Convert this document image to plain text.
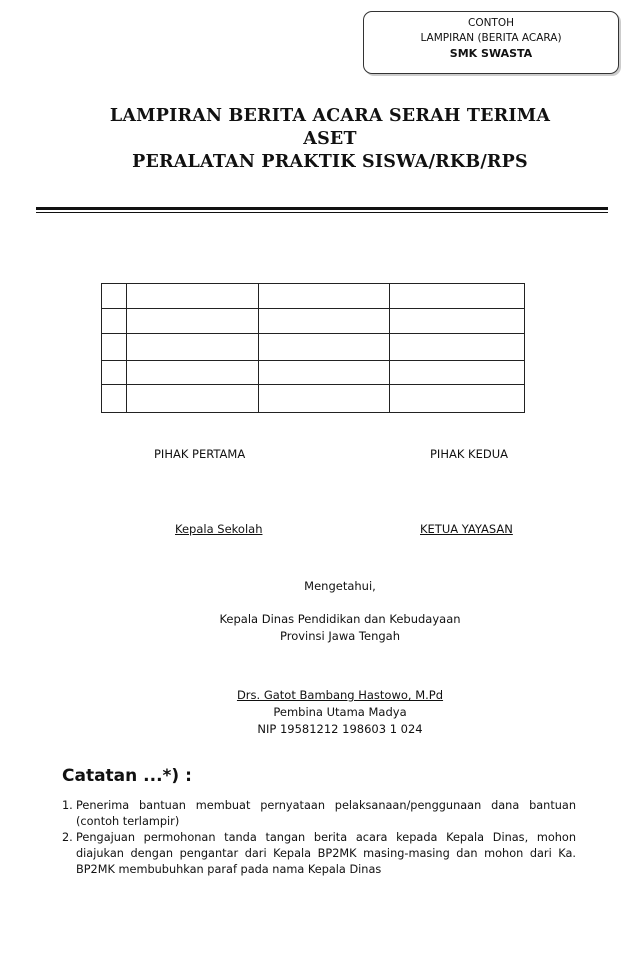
CONTOH
LAMPIRAN (BERITA ACARA)
SMK SWASTA
LAMPIRAN BERITA ACARA SERAH TERIMA
ASET
PERALATAN PRAKTIK SISWA/RKB/RPS

PIHAK PERTAMA	PIHAK KEDUA
Kepala Sekolah	KETUA YAYASAN
Mengetahui,
Kepala Dinas Pendidikan dan Kebudayaan
Provinsi Jawa Tengah
Drs. Gatot Bambang Hastowo, M.Pd
Pembina Utama Madya
NIP 19581212 198603 1 024
Catatan ...*) :
1. Penerima bantuan membuat pernyataan pelaksanaan/penggunaan dana bantuan (contoh terlampir)
2. Pengajuan permohonan tanda tangan berita acara kepada Kepala Dinas, mohon diajukan dengan pengantar dari Kepala BP2MK masing-masing dan mohon dari Ka. BP2MK membubuhkan paraf pada nama Kepala Dinas
